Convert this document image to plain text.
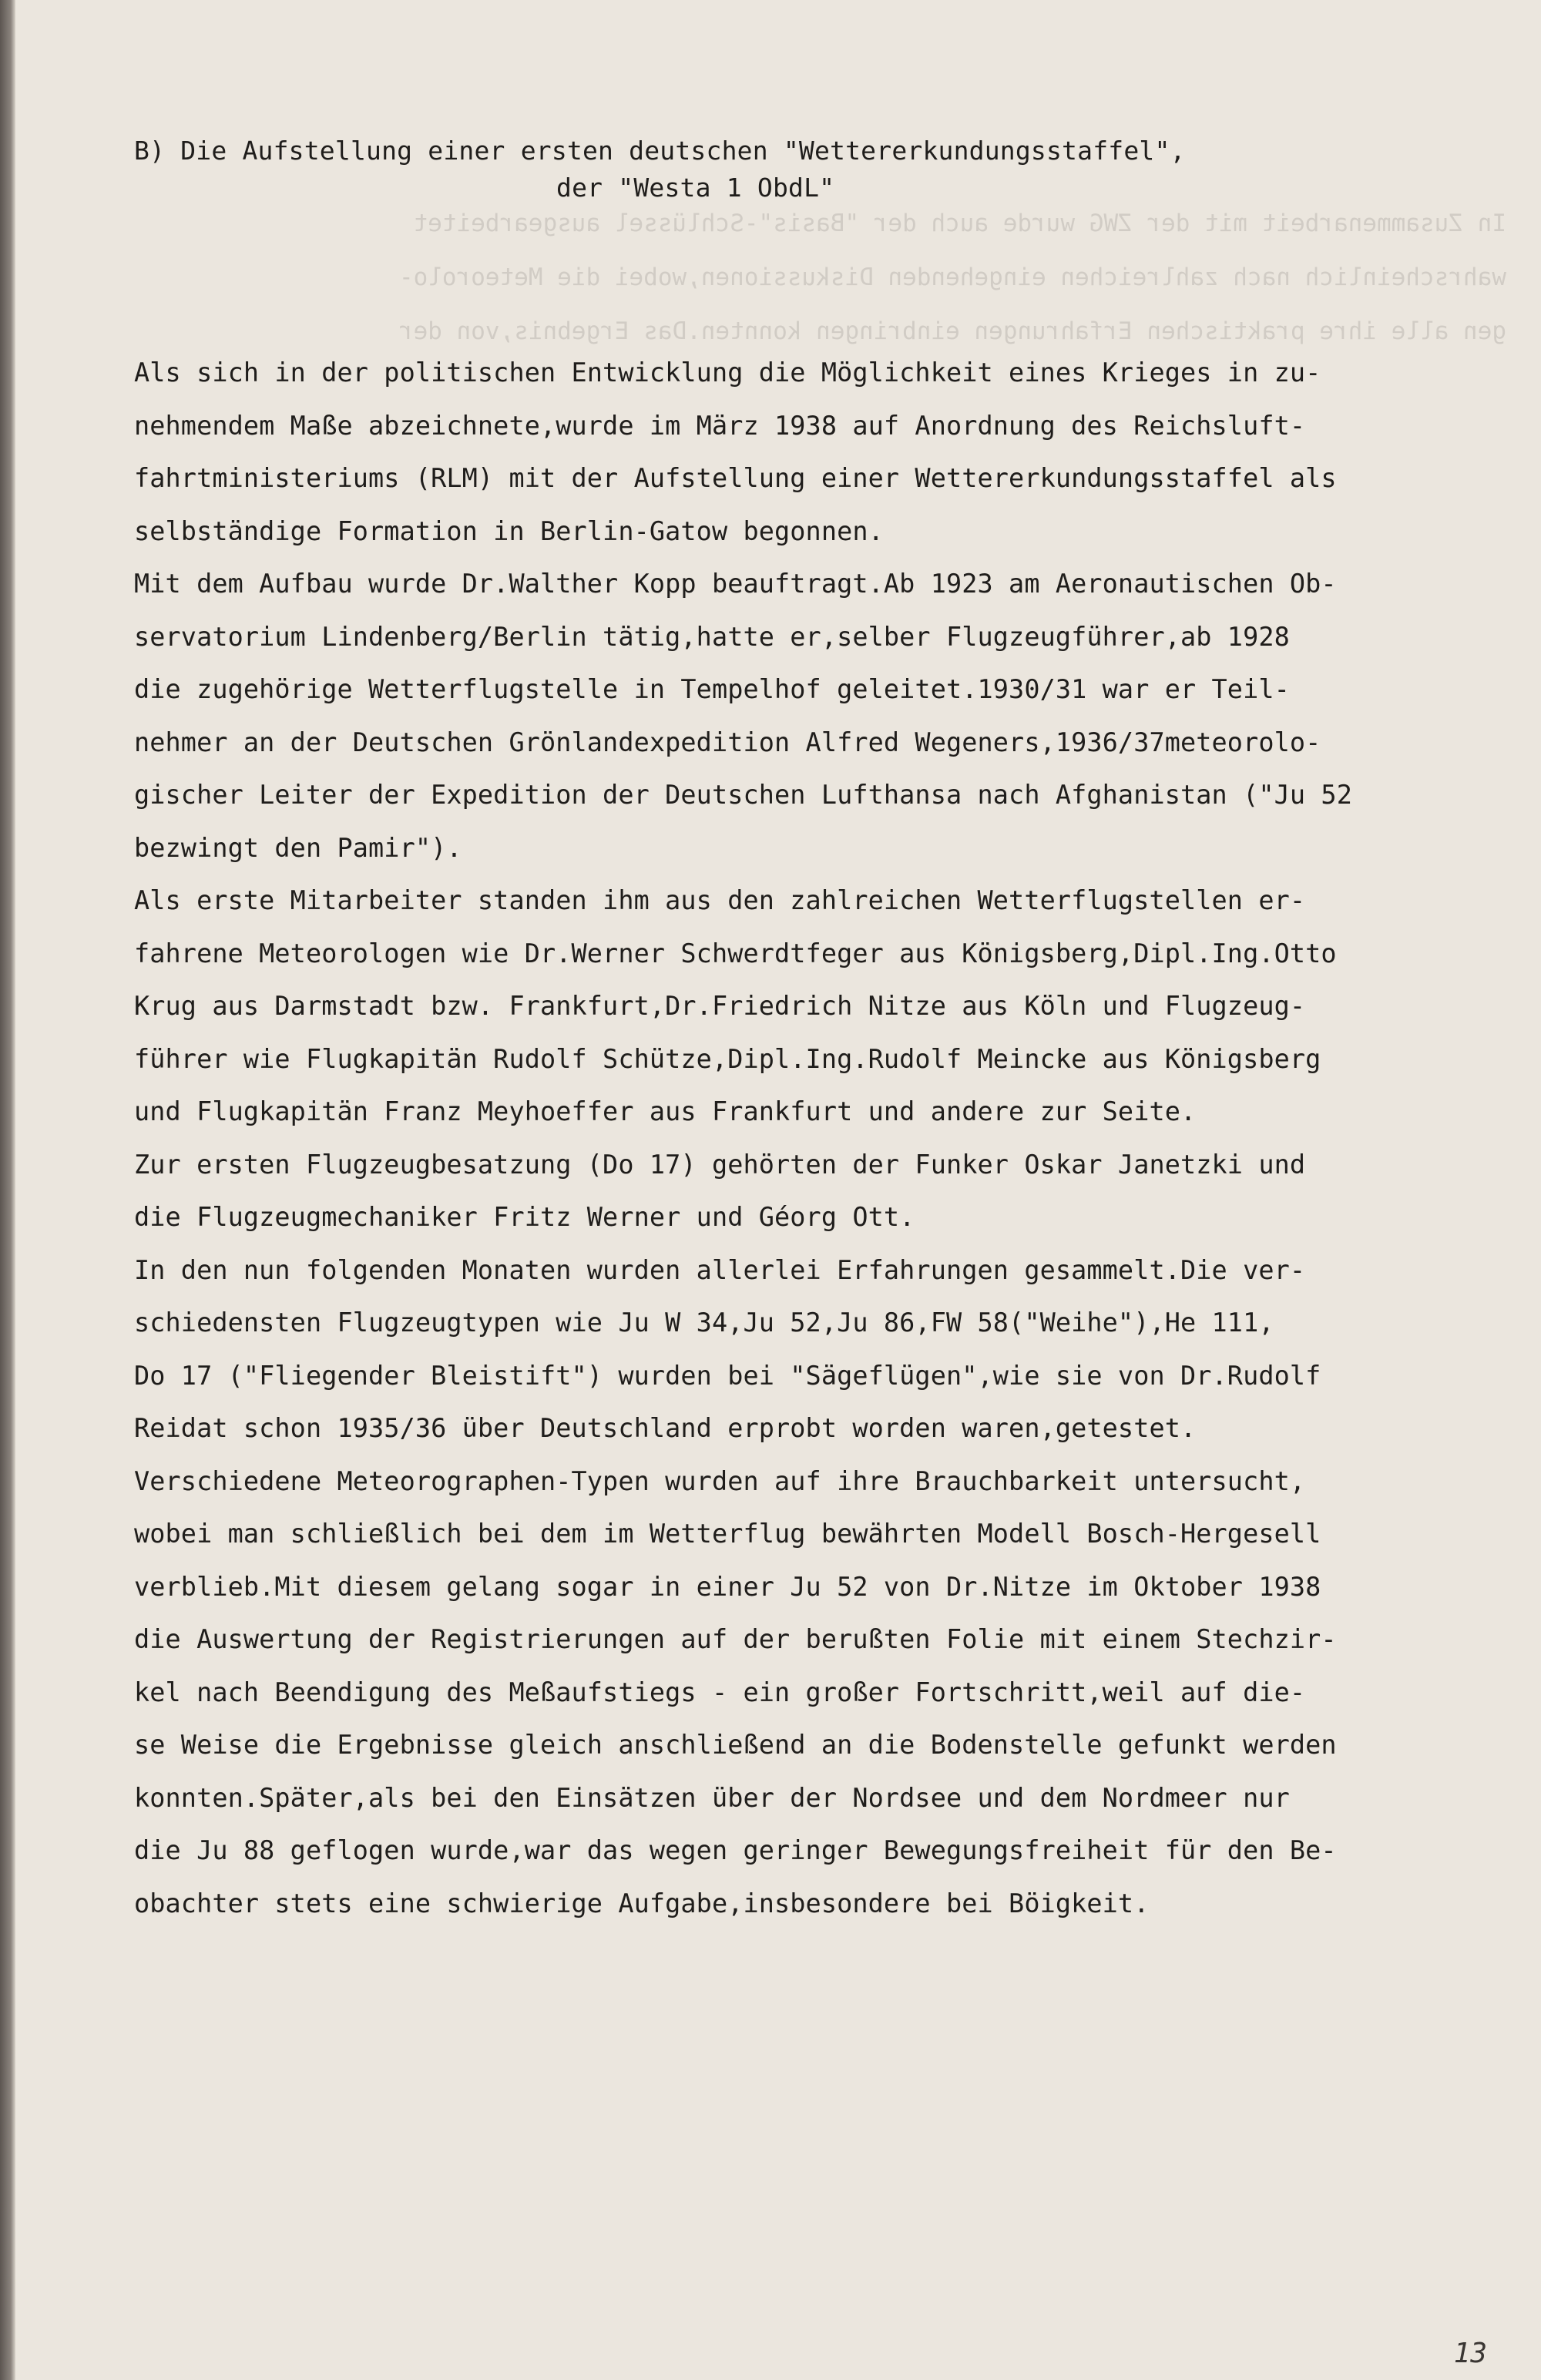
In Zusammenarbeit mit der ZWG wurde auch der "Basis"-Schlüssel ausgearbeitet
wahrscheinlich nach zahlreichen eingehenden Diskussionen,wobei die Meteorolo-
gen alle ihre praktischen Erfahrungen einbringen konnten.Das Ergebnis,von der

B) Die Aufstellung einer ersten deutschen "Wettererkundungsstaffel",
der "Westa 1 ObdL"
Als sich in der politischen Entwicklung die Möglichkeit eines Krieges in zu-
nehmendem Maße abzeichnete,wurde im März 1938 auf Anordnung des Reichsluft-
fahrtministeriums (RLM) mit der Aufstellung einer Wettererkundungsstaffel als
selbständige Formation in Berlin-Gatow begonnen.
Mit dem Aufbau wurde Dr.Walther Kopp beauftragt.Ab 1923 am Aeronautischen Ob-
servatorium Lindenberg/Berlin tätig,hatte er,selber Flugzeugführer,ab 1928
die zugehörige Wetterflugstelle in Tempelhof geleitet.1930/31 war er Teil-
nehmer an der Deutschen Grönlandexpedition Alfred Wegeners,1936/37meteorolo-
gischer Leiter der Expedition der Deutschen Lufthansa nach Afghanistan ("Ju 52
bezwingt den Pamir").
Als erste Mitarbeiter standen ihm aus den zahlreichen Wetterflugstellen er-
fahrene Meteorologen wie Dr.Werner Schwerdtfeger aus Königsberg,Dipl.Ing.Otto
Krug aus Darmstadt bzw. Frankfurt,Dr.Friedrich Nitze aus Köln und Flugzeug-
führer wie Flugkapitän Rudolf Schütze,Dipl.Ing.Rudolf Meincke aus Königsberg
und Flugkapitän Franz Meyhoeffer aus Frankfurt und andere zur Seite.
Zur ersten Flugzeugbesatzung (Do 17) gehörten der Funker Oskar Janetzki und
die Flugzeugmechaniker Fritz Werner und Géorg Ott.
In den nun folgenden Monaten wurden allerlei Erfahrungen gesammelt.Die ver-
schiedensten Flugzeugtypen wie Ju W 34,Ju 52,Ju 86,FW 58("Weihe"),He 111,
Do 17 ("Fliegender Bleistift") wurden bei "Sägeflügen",wie sie von Dr.Rudolf
Reidat schon 1935/36 über Deutschland erprobt worden waren,getestet.
Verschiedene Meteorographen-Typen wurden auf ihre Brauchbarkeit untersucht,
wobei man schließlich bei dem im Wetterflug bewährten Modell Bosch-Hergesell
verblieb.Mit diesem gelang sogar in einer Ju 52 von Dr.Nitze im Oktober 1938
die Auswertung der Registrierungen auf der berußten Folie mit einem Stechzir-
kel nach Beendigung des Meßaufstiegs - ein großer Fortschritt,weil auf die-
se Weise die Ergebnisse gleich anschließend an die Bodenstelle gefunkt werden
konnten.Später,als bei den Einsätzen über der Nordsee und dem Nordmeer nur
die Ju 88 geflogen wurde,war das wegen geringer Bewegungsfreiheit für den Be-
obachter stets eine schwierige Aufgabe,insbesondere bei Böigkeit.
13
